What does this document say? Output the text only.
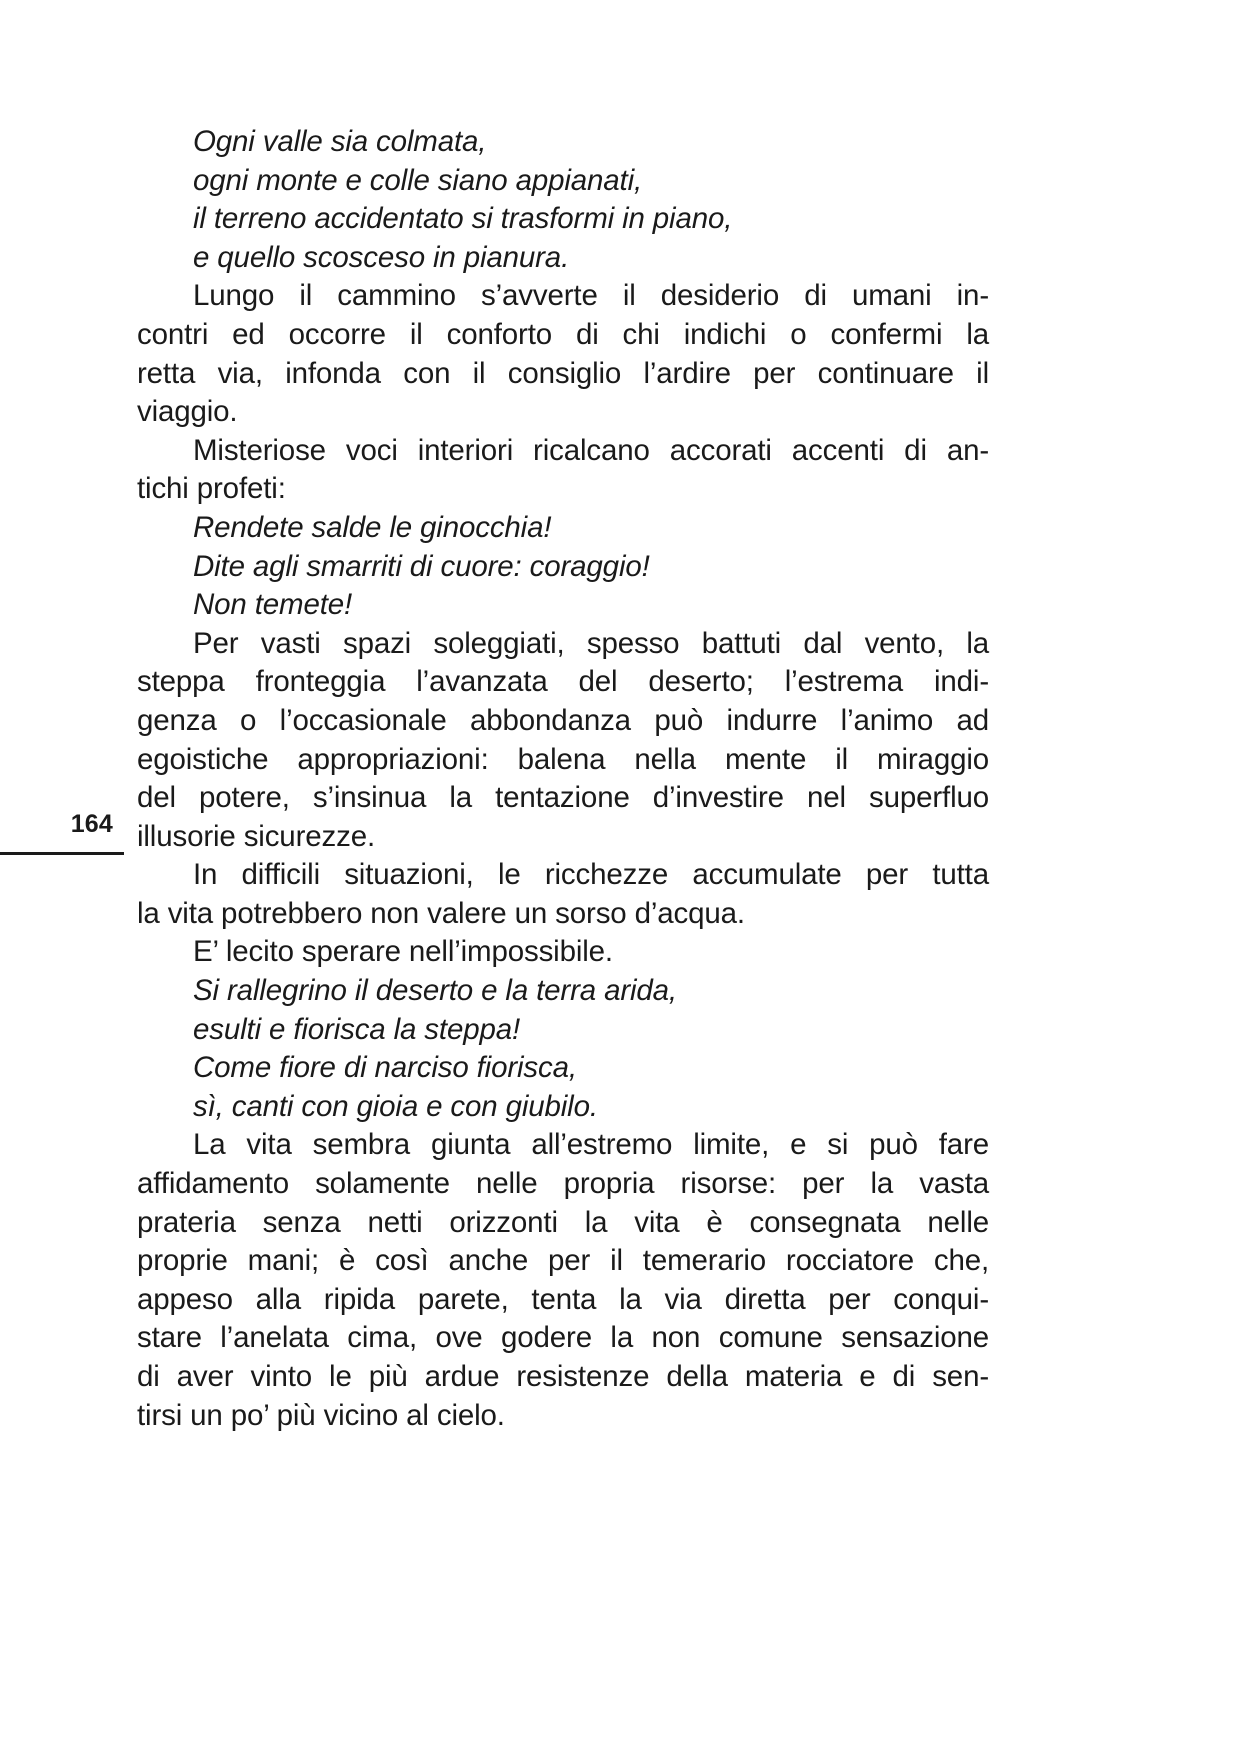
164

Ogni valle sia colmata,

ogni monte e colle siano appianati,

il terreno accidentato si trasformi in piano,

e quello scosceso in pianura.

Lungo il cammino s’avverte il desiderio di umani in-
contri ed occorre il conforto di chi indichi o confermi la
retta via, infonda con il consiglio l’ardire per continuare il
viaggio.

Misteriose voci interiori ricalcano accorati accenti di an-
tichi profeti:

Rendete salde le ginocchia!

Dite agli smarriti di cuore: coraggio!

Non temete!

Per vasti spazi soleggiati, spesso battuti dal vento, la
steppa fronteggia l’avanzata del deserto; l’estrema indi-
genza o l’occasionale abbondanza può indurre l’animo ad
egoistiche appropriazioni: balena nella mente il miraggio
del potere, s’insinua la tentazione d’investire nel superfluo
illusorie sicurezze.

In difficili situazioni, le ricchezze accumulate per tutta
la vita potrebbero non valere un sorso d’acqua.

E’ lecito sperare nell’impossibile.

Si rallegrino il deserto e la terra arida,

esulti e fiorisca la steppa!

Come fiore di narciso fiorisca,

sì, canti con gioia e con giubilo.

La vita sembra giunta all’estremo limite, e si può fare
affidamento solamente nelle propria risorse: per la vasta
prateria senza netti orizzonti la vita è consegnata nelle
proprie mani; è così anche per il temerario rocciatore che,
appeso alla ripida parete, tenta la via diretta per conqui-
stare l’anelata cima, ove godere la non comune sensazione
di aver vinto le più ardue resistenze della materia e di sen-
tirsi un po’ più vicino al cielo.
